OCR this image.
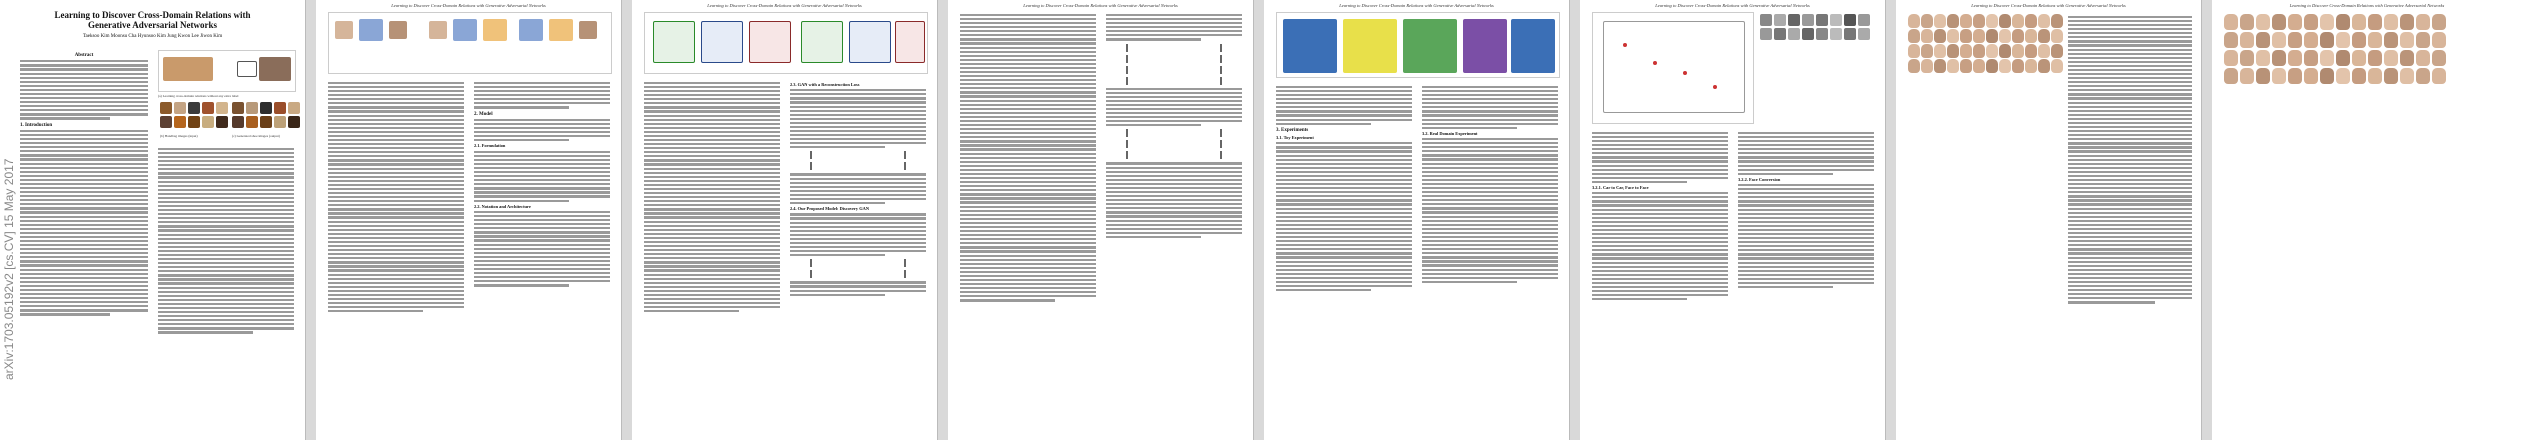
arXiv:1703.05192v2 [cs.CV] 15 May 2017
Learning to Discover Cross-Domain Relations with Generative Adversarial Networks
Taeksoo Kim Moonsu Cha Hyunsoo Kim Jung Kwon Lee Jiwon Kim
Abstract
1. Introduction
(a) Learning cross-domain relations without any extra label
(b) Handbag images (input)	(c) Generated shoe images (output)
Learning to Discover Cross-Domain Relations with Generative Adversarial Networks
2. Model
2.1. Formulation
2.2. Notation and Architecture
Learning to Discover Cross-Domain Relations with Generative Adversarial Networks
2.3. GAN with a Reconstruction Loss
2.4. Our Proposed Model: Discovery GAN
Learning to Discover Cross-Domain Relations with Generative Adversarial Networks	Learning to Discover Cross-Domain Relations with Generative Adversarial Networks
3. Experiments
3.1. Toy Experiment
3.2. Real Domain Experiment
Learning to Discover Cross-Domain Relations with Generative Adversarial Networks
3.2.1. Car to Car, Face to Face
3.2.2. Face Conversion
Learning to Discover Cross-Domain Relations with Generative Adversarial Networks	Learning to Discover Cross-Domain Relations with Generative Adversarial Networks
